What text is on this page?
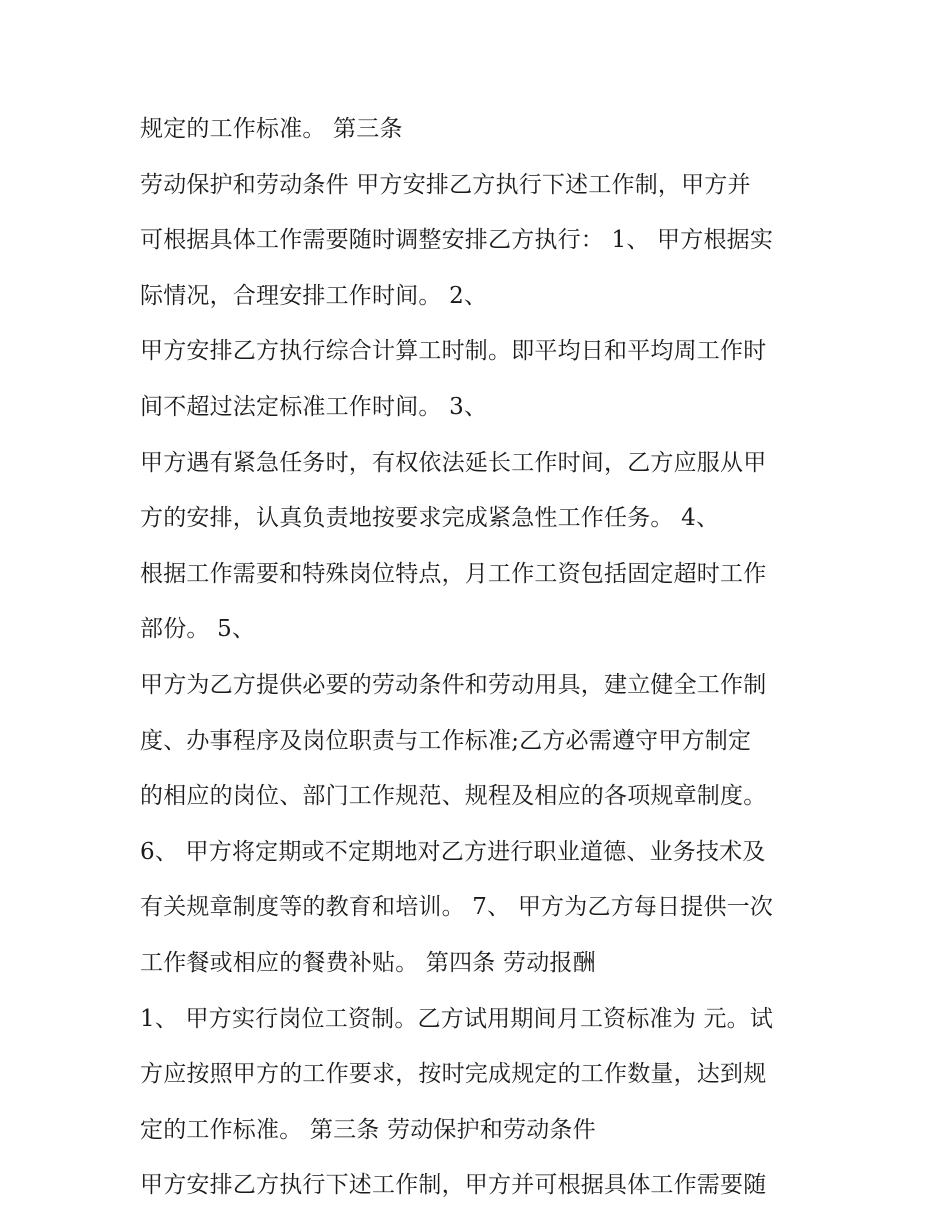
规定的工作标准。 第三条
劳动保护和劳动条件 甲方安排乙方执行下述工作制，甲方并
可根据具体工作需要随时调整安排乙方执行： 1、 甲方根据实
际情况，合理安排工作时间。 2、
甲方安排乙方执行综合计算工时制。即平均日和平均周工作时
间不超过法定标准工作时间。 3、
甲方遇有紧急任务时，有权依法延长工作时间，乙方应服从甲
方的安排，认真负责地按要求完成紧急性工作任务。 4、
根据工作需要和特殊岗位特点，月工作工资包括固定超时工作
部份。 5、
甲方为乙方提供必要的劳动条件和劳动用具，建立健全工作制
度、办事程序及岗位职责与工作标准;乙方必需遵守甲方制定
的相应的岗位、部门工作规范、规程及相应的各项规章制度。
6、 甲方将定期或不定期地对乙方进行职业道德、业务技术及
有关规章制度等的教育和培训。 7、 甲方为乙方每日提供一次
工作餐或相应的餐费补贴。 第四条 劳动报酬
1、 甲方实行岗位工资制。乙方试用期间月工资标准为 元。试
方应按照甲方的工作要求，按时完成规定的工作数量，达到规
定的工作标准。 第三条 劳动保护和劳动条件
甲方安排乙方执行下述工作制，甲方并可根据具体工作需要随
